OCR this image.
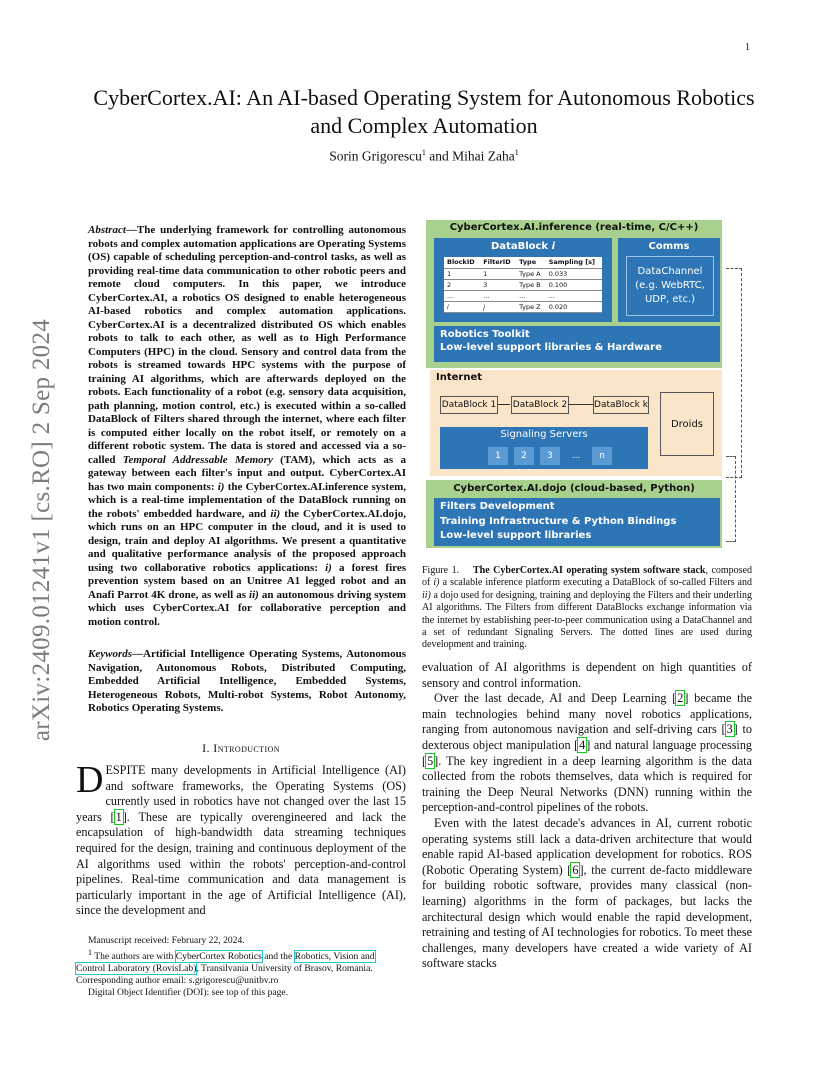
1
arXiv:2409.01241v1 [cs.RO] 2 Sep 2024
CyberCortex.AI: An AI-based Operating System for Autonomous Robotics and Complex Automation
Sorin Grigorescu$^1$ and Mihai Zaha$^1$
Abstract—The underlying framework for controlling autonomous robots and complex automation applications are Operating Systems (OS) capable of scheduling perception-and-control tasks, as well as providing real-time data communication to other robotic peers and remote cloud computers. In this paper, we introduce CyberCortex.AI, a robotics OS designed to enable heterogeneous AI-based robotics and complex automation applications. CyberCortex.AI is a decentralized distributed OS which enables robots to talk to each other, as well as to High Performance Computers (HPC) in the cloud. Sensory and control data from the robots is streamed towards HPC systems with the purpose of training AI algorithms, which are afterwards deployed on the robots. Each functionality of a robot (e.g. sensory data acquisition, path planning, motion control, etc.) is executed within a so-called DataBlock of Filters shared through the internet, where each filter is computed either locally on the robot itself, or remotely on a different robotic system. The data is stored and accessed via a so-called Temporal Addressable Memory (TAM), which acts as a gateway between each filter's input and output. CyberCortex.AI has two main components: i) the CyberCortex.AI.inference system, which is a real-time implementation of the DataBlock running on the robots' embedded hardware, and ii) the CyberCortex.AI.dojo, which runs on an HPC computer in the cloud, and it is used to design, train and deploy AI algorithms. We present a quantitative and qualitative performance analysis of the proposed approach using two collaborative robotics applications: i) a forest fires prevention system based on an Unitree A1 legged robot and an Anafi Parrot 4K drone, as well as ii) an autonomous driving system which uses CyberCortex.AI for collaborative perception and motion control.
Keywords—Artificial Intelligence Operating Systems, Autonomous Navigation, Autonomous Robots, Distributed Computing, Embedded Artificial Intelligence, Embedded Systems, Heterogeneous Robots, Multi-robot Systems, Robot Autonomy, Robotics Operating Systems.
I. Introduction
DESPITE many developments in Artificial Intelligence (AI) and software frameworks, the Operating Systems (OS) currently used in robotics have not changed over the last 15 years [1]. These are typically overengineered and lack the encapsulation of high-bandwidth data streaming techniques required for the design, training and continuous deployment of the AI algorithms used within the robots' perception-and-control pipelines. Real-time communication and data management is particularly important in the age of Artificial Intelligence (AI), since the development and

Manuscript received: February 22, 2024.

$^1$ The authors are with CyberCortex Robotics and the Robotics, Vision and Control Laboratory (RovisLab), Transilvania University of Brasov, Romania. Corresponding author email: s.grigorescu@unitbv.ro

Digital Object Identifier (DOI): see top of this page.

CyberCortex.AI.inference (real-time, C/C++)
DataBlock i
BlockID	FilterID	Type	Sampling [s]
1	1	Type A	0.033
2	3	Type B	0.100
...	...	...	...
i	j	Type Z	0.020
Comms
DataChannel (e.g. WebRTC, UDP, etc.)
Robotics Toolkit
Low-level support libraries & Hardware
Internet
DataBlock 1 DataBlock 2	DataBlock k
Droids
Signaling Servers
1	2	3	...	n
CyberCortex.AI.dojo (cloud-based, Python)
Filters Development
Training Infrastructure & Python Bindings
Low-level support libraries
Figure 1. The CyberCortex.AI operating system software stack, composed of i) a scalable inference platform executing a DataBlock of so-called Filters and ii) a dojo used for designing, training and deploying the Filters and their underling AI algorithms. The Filters from different DataBlocks exchange information via the internet by establishing peer-to-peer communication using a DataChannel and a set of redundant Signaling Servers. The dotted lines are used during development and training.

evaluation of AI algorithms is dependent on high quantities of sensory and control information.

Over the last decade, AI and Deep Learning [2] became the main technologies behind many novel robotics applications, ranging from autonomous navigation and self-driving cars [3] to dexterous object manipulation [4] and natural language processing [5]. The key ingredient in a deep learning algorithm is the data collected from the robots themselves, data which is required for training the Deep Neural Networks (DNN) running within the perception-and-control pipelines of the robots.

Even with the latest decade's advances in AI, current robotic operating systems still lack a data-driven architecture that would enable rapid AI-based application development for robotics. ROS (Robotic Operating System) [6], the current de-facto middleware for building robotic software, provides many classical (non-learning) algorithms in the form of packages, but lacks the architectural design which would enable the rapid development, retraining and testing of AI technologies for robotics. To meet these challenges, many developers have created a wide variety of AI software stacks
